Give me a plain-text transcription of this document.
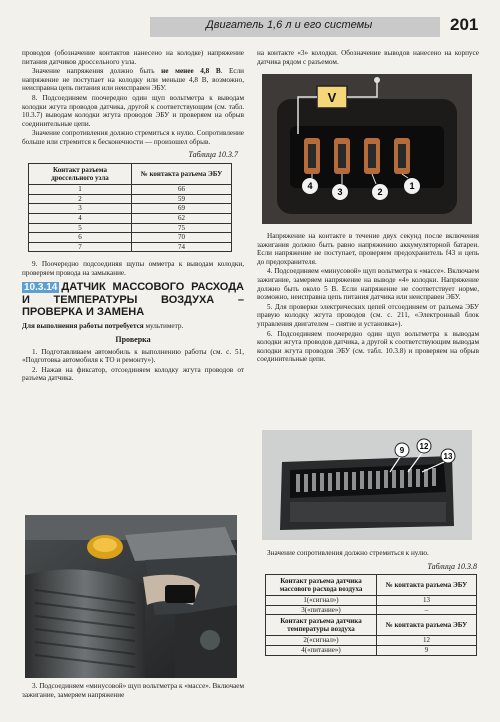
Двигатель 1,6 л и его системы	201

проводов (обозначение контактов нанесено на колодке) напряжение питания датчиков дроссельного узла.

Значение напряжения должно быть не менее 4,8 В. Если напряжение не поступает на колодку или меньше 4,8 В, возможно, неисправна цепь питания или неисправен ЭБУ.

8. Подсоединяем поочередно один щуп вольтметра к выводам колодки жгута проводов датчика, другой к соответствующим (см. табл. 10.3.7) выводам колодки жгута проводов ЭБУ и проверяем на обрыв соединительные цепи.

Значение сопротивления должно стремиться к нулю. Сопротивление больше или стремится к бесконечности — произошел обрыв.

Таблица 10.3.7
Контакт разъема дроссельного узла	№ контакта разъема ЭБУ
1	66
2	59
3	69
4	62
5	75
6	70
7	74

9. Поочередно подсоединяя щупы омметра к выводам колодки, проверяем провода на замыкание.

10.3.14 ДАТЧИК МАССОВОГО РАСХОДА И ТЕМПЕРАТУРЫ ВОЗДУХА – ПРОВЕРКА И ЗАМЕНА

Для выполнения работы потребуется мультиметр.

Проверка

1. Подготавливаем автомобиль к выполнению работы (см. с. 51, «Подготовка автомобиля к ТО и ремонту»).

2. Нажав на фиксатор, отсоединяем колодку жгута проводов от разъема датчика.

3. Подсоединяем «минусовой» щуп вольтметра к «массе». Включаем зажигание, замеряем напряжение

на контакте «3» колодки. Обозначение выводов нанесено на корпусе датчика рядом с разъемом.

V
4
3	2
1

Напряжение на контакте в течение двух секунд после включения зажигания должно быть равно напряжению аккумуляторной батареи. Если напряжение не поступает, проверяем предохранитель f43 и цепь до предохранителя.

4. Подсоединяем «минусовой» щуп вольтметра к «массе». Включаем зажигание, замеряем напряжение на выводе «4» колодки. Напряжение должно быть около 5 В. Если напряжение не соответствует норме, возможно, неисправна цепь питания датчика или неисправен ЭБУ.

5. Для проверки электрических цепей отсоединяем от разъема ЭБУ правую колодку жгута проводов (см. с. 211, «Электронный блок управления двигателем – снятие и установка»).

6. Подсоединяем поочередно один щуп вольтметра к выводам колодки жгута проводов датчика, а другой к соответствующим выводам колодки жгута проводов ЭБУ (см. табл. 10.3.8) и проверяем на обрыв соединительные цепи.

9 12
13

Значение сопротивления должно стремиться к нулю.

Таблица 10.3.8
Контакт разъема датчика массового расхода воздуха	№ контакта разъема ЭБУ
1(«сигнал»)	13
3(«питание»)	–
Контакт разъема датчика температуры воздуха	№ контакта разъема ЭБУ
2(«сигнал»)	12
4(«питание»)	9
